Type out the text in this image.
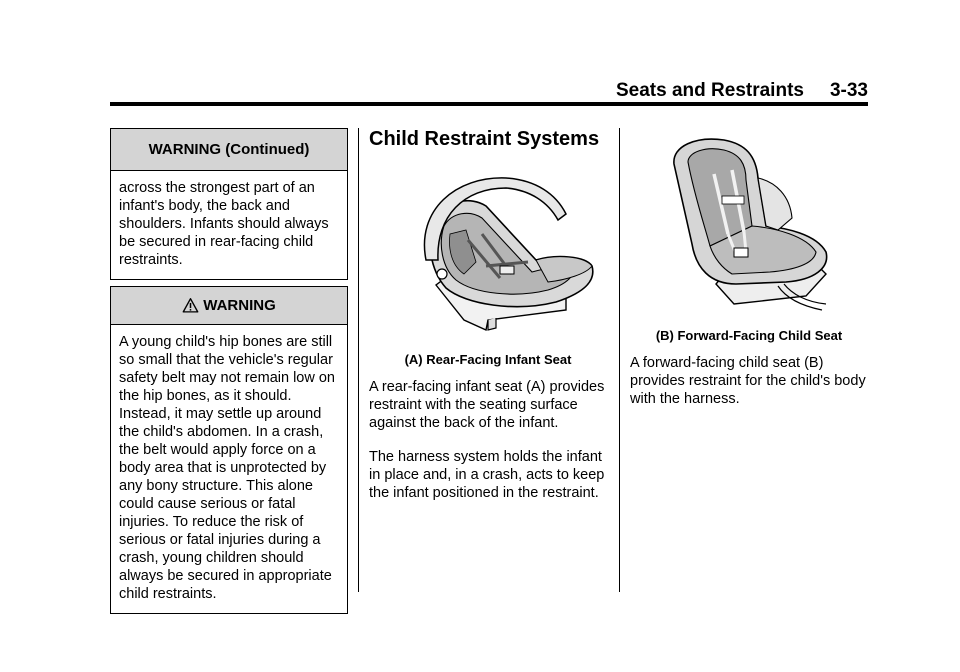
Seats and Restraints 3-33
WARNING (Continued)
across the strongest part of an infant's body, the back and shoulders. Infants should always be secured in rear-facing child restraints.
WARNING
A young child's hip bones are still so small that the vehicle's regular safety belt may not remain low on the hip bones, as it should. Instead, it may settle up around the child's abdomen. In a crash, the belt would apply force on a body area that is unprotected by any bony structure. This alone could cause serious or fatal injuries. To reduce the risk of serious or fatal injuries during a crash, young children should always be secured in appropriate child restraints.
Child Restraint Systems
(A) Rear-Facing Infant Seat

A rear-facing infant seat (A) provides restraint with the seating surface against the back of the infant.

The harness system holds the infant in place and, in a crash, acts to keep the infant positioned in the restraint.

(B) Forward-Facing Child Seat

A forward-facing child seat (B) provides restraint for the child's body with the harness.
